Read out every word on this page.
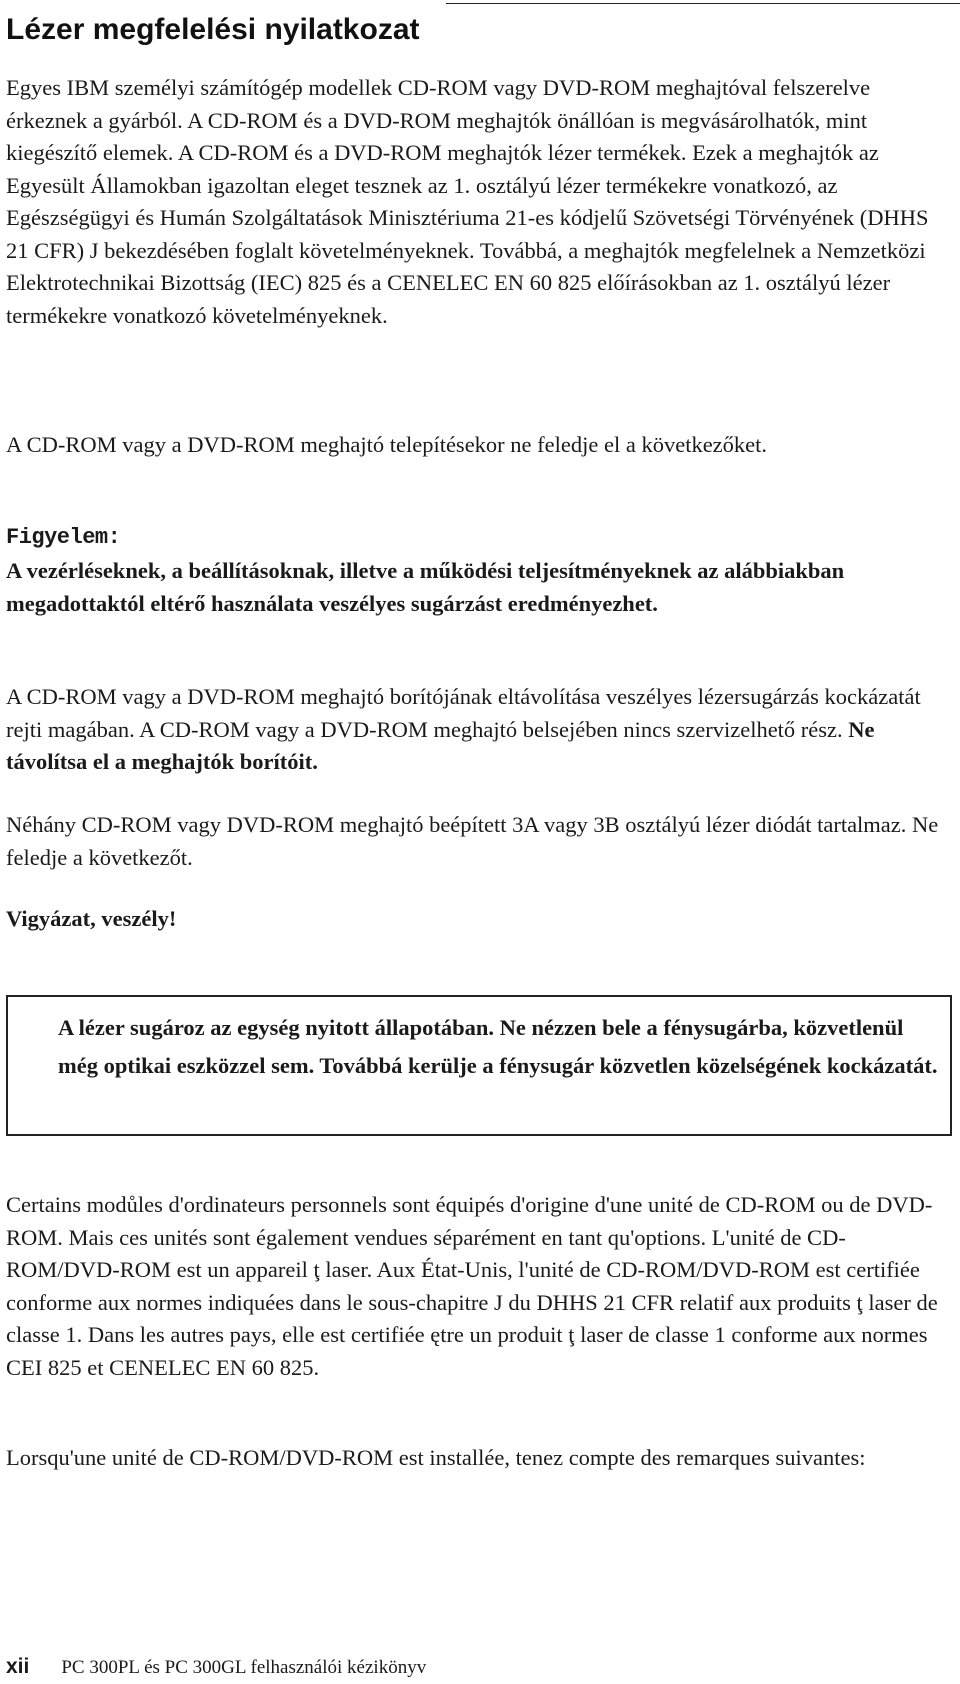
Lézer megfelelési nyilatkozat

Egyes IBM személyi számítógép modellek CD-ROM vagy DVD-ROM meghajtóval felszerelve érkeznek a gyárból. A CD-ROM és a DVD-ROM meghajtók önállóan is megvásárolhatók, mint kiegészítő elemek. A CD-ROM és a DVD-ROM meghajtók lézer termékek. Ezek a meghajtók az Egyesült Államokban igazoltan eleget tesznek az 1. osztályú lézer termékekre vonatkozó, az Egészségügyi és Humán Szolgáltatások Minisztériuma 21-es kódjelű Szövetségi Törvényének (DHHS 21 CFR) J bekezdésében foglalt követelményeknek. Továbbá, a meghajtók megfelelnek a Nemzetközi Elektrotechnikai Bizottság (IEC) 825 és a CENELEC EN 60 825 előírásokban az 1. osztályú lézer termékekre vonatkozó követelményeknek.

A CD-ROM vagy a DVD-ROM meghajtó telepítésekor ne feledje el a következőket.

Figyelem:

A vezérléseknek, a beállításoknak, illetve a működési teljesítményeknek az alábbiakban megadottaktól eltérő használata veszélyes sugárzást eredményezhet.

A CD-ROM vagy a DVD-ROM meghajtó borítójának eltávolítása veszélyes lézersugárzás kockázatát rejti magában. A CD-ROM vagy a DVD-ROM meghajtó belsejében nincs szervizelhető rész. Ne távolítsa el a meghajtók borítóit.

Néhány CD-ROM vagy DVD-ROM meghajtó beépített 3A vagy 3B osztályú lézer diódát tartalmaz. Ne feledje a következőt.

Vigyázat, veszély!

A lézer sugároz az egység nyitott állapotában. Ne nézzen bele a fénysugárba, közvetlenül még optikai eszközzel sem. Továbbá kerülje a fénysugár közvetlen közelségének kockázatát.

Certains modůles d'ordinateurs personnels sont équipés d'origine d'une unité de CD-ROM ou de DVD-ROM. Mais ces unités sont également vendues séparément en tant qu'options. L'unité de CD-ROM/DVD-ROM est un appareil ţ laser. Aux État-Unis, l'unité de CD-ROM/DVD-ROM est certifiée conforme aux normes indiquées dans le sous-chapitre J du DHHS 21 CFR relatif aux produits ţ laser de classe 1. Dans les autres pays, elle est certifiée ętre un produit ţ laser de classe 1 conforme aux normes CEI 825 et CENELEC EN 60 825.

Lorsqu'une unité de CD-ROM/DVD-ROM est installée, tenez compte des remarques suivantes:

xii PC 300PL és PC 300GL felhasználói kézikönyv
